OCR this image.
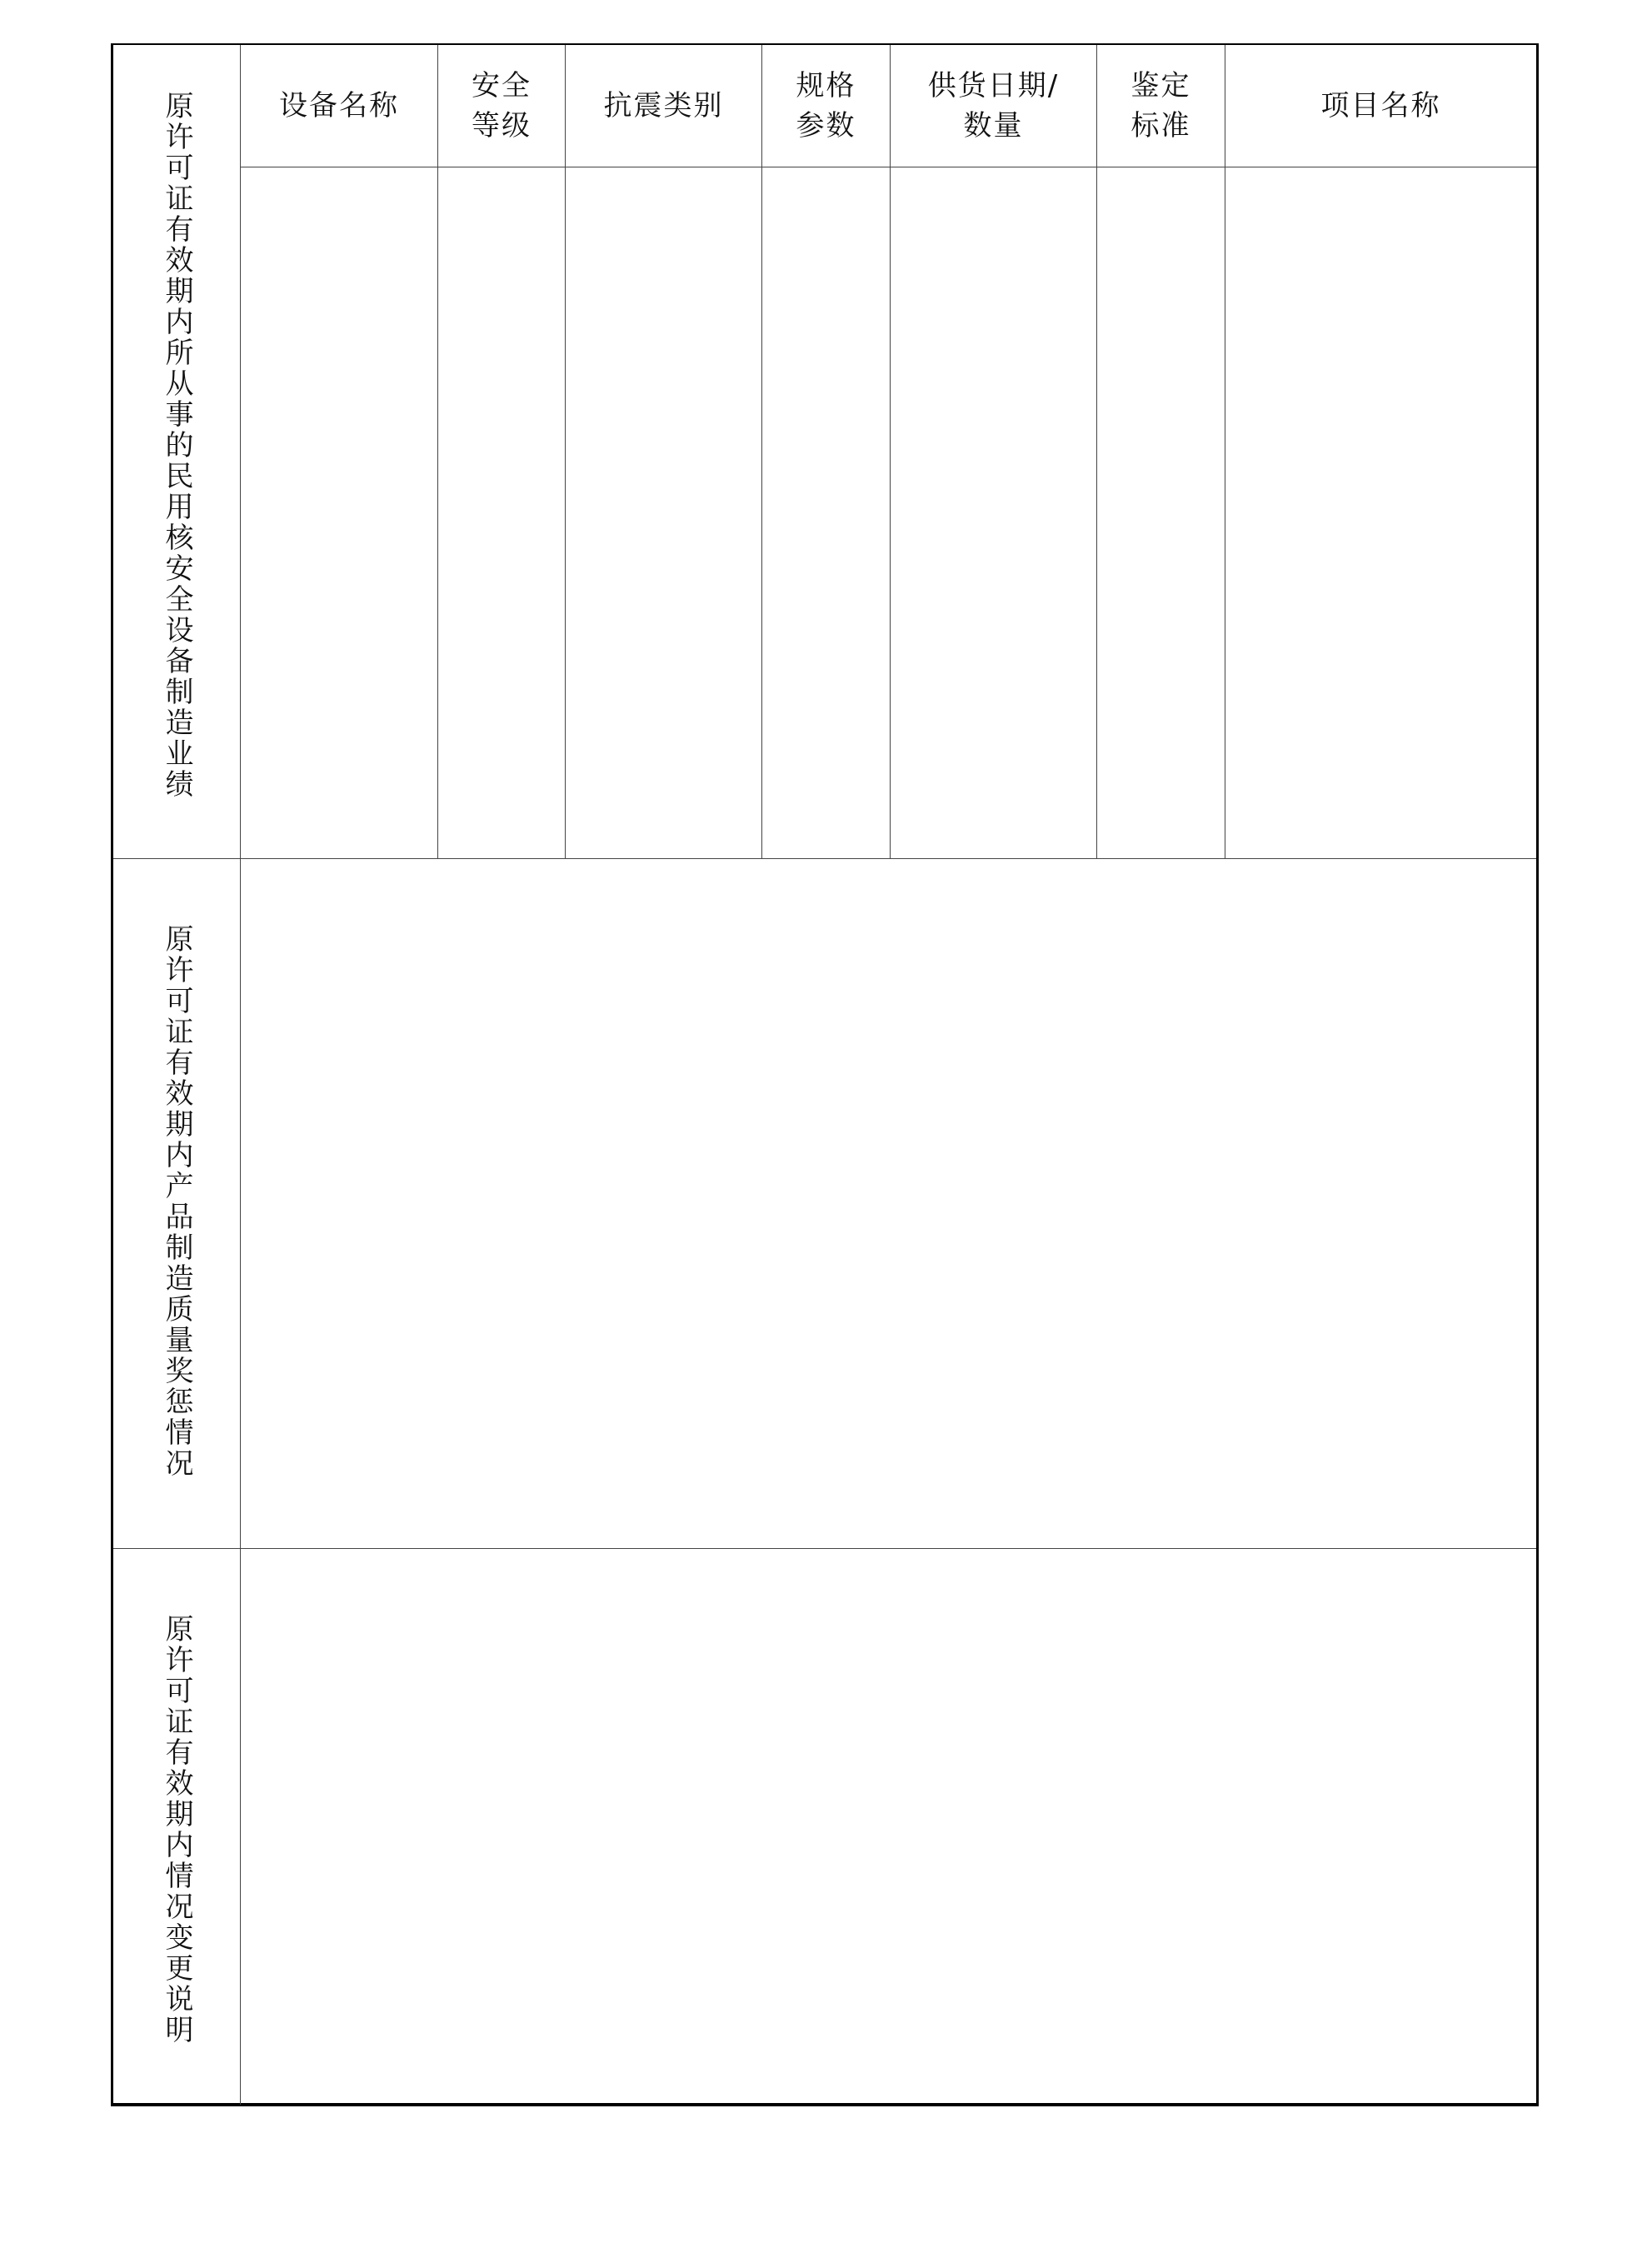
原许可证有效期内所从事的民用核安全设备制造业绩	设备名称
安全
等级
抗震类别
规格
参数
供货日期/
数量
鉴定
标准
项目名称
原许可证有效期内产品制造质量奖惩情况
原许可证有效期内情况变更说明
